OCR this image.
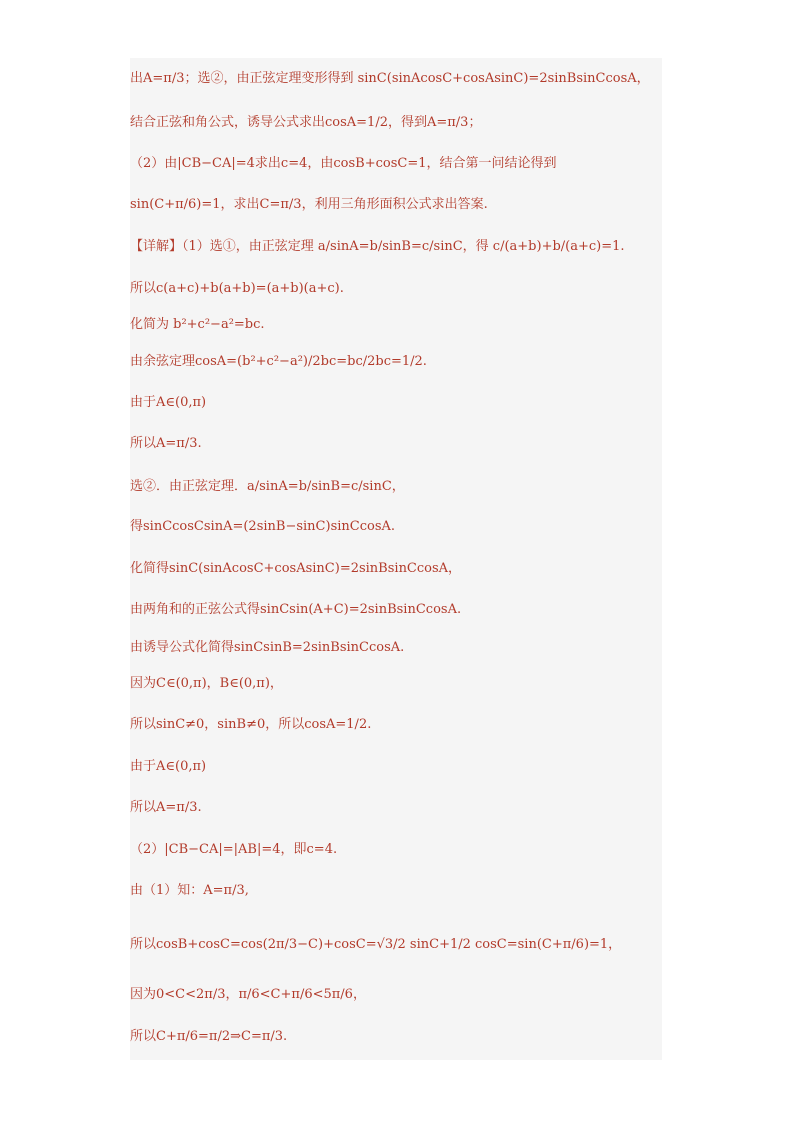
出A=π/3；选②，由正弦定理变形得到 sinC(sinAcosC+cosAsinC)=2sinBsinCcosA，
结合正弦和角公式，诱导公式求出cosA=1/2，得到A=π/3；
（2）由|CB−CA|=4求出c=4，由cosB+cosC=1，结合第一问结论得到
sin(C+π/6)=1，求出C=π/3，利用三角形面积公式求出答案.
【详解】（1）选①，由正弦定理 a/sinA=b/sinB=c/sinC，得 c/(a+b)+b/(a+c)=1.
所以c(a+c)+b(a+b)=(a+b)(a+c).
化简为 b²+c²−a²=bc.
由余弦定理cosA=(b²+c²−a²)/2bc=bc/2bc=1/2.
由于A∈(0,π)
所以A=π/3.
选②．由正弦定理．a/sinA=b/sinB=c/sinC，
得sinCcosCsinA=(2sinB−sinC)sinCcosA.
化简得sinC(sinAcosC+cosAsinC)=2sinBsinCcosA，
由两角和的正弦公式得sinCsin(A+C)=2sinBsinCcosA.
由诱导公式化简得sinCsinB=2sinBsinCcosA.
因为C∈(0,π)，B∈(0,π)，
所以sinC≠0，sinB≠0，所以cosA=1/2.
由于A∈(0,π)
所以A=π/3.
（2）|CB−CA|=|AB|=4，即c=4.
由（1）知：A=π/3,
所以cosB+cosC=cos(2π/3−C)+cosC=√3/2 sinC+1/2 cosC=sin(C+π/6)=1，
因为0<C<2π/3，π/6<C+π/6<5π/6，
所以C+π/6=π/2⇒C=π/3.
